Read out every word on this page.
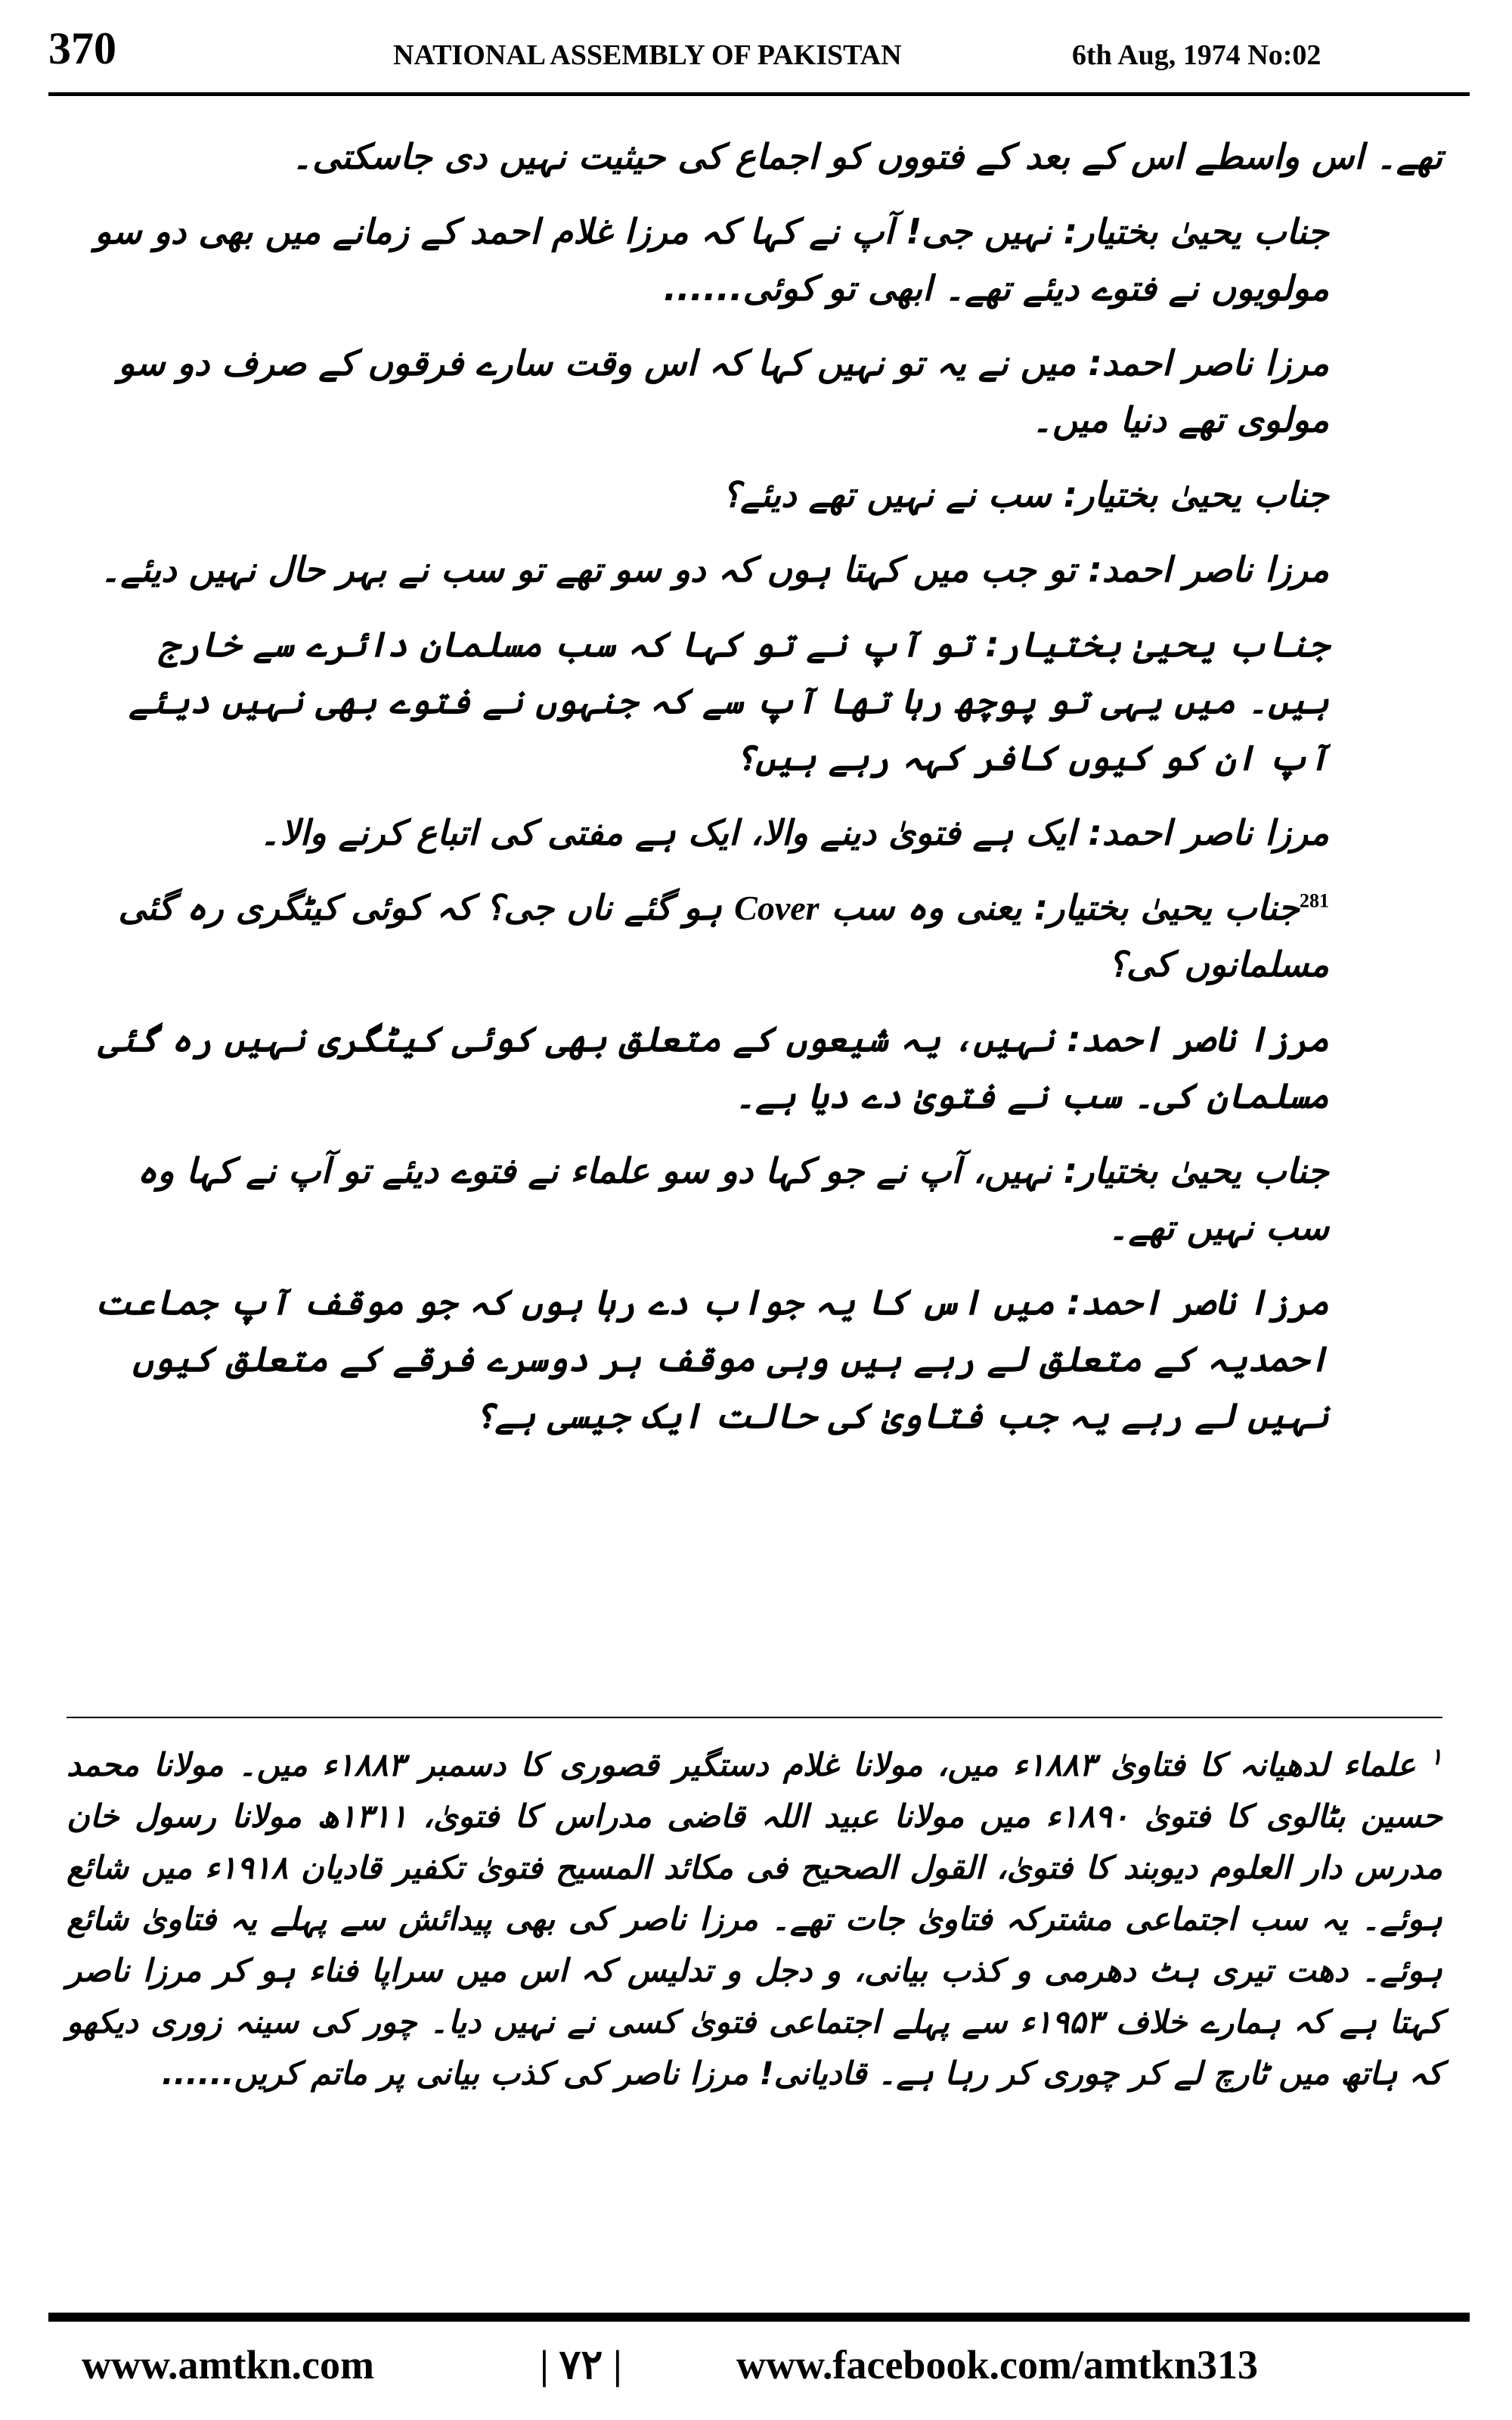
370	NATIONAL ASSEMBLY OF PAKISTAN	6th Aug, 1974 No:02

تھے۔ اس واسطے اس کے بعد کے فتووں کو اجماع کی حیثیت نہیں دی جاسکتی۔

جناب یحییٰ بختیار: نہیں جی! آپ نے کہا کہ مرزا غلام احمد کے زمانے میں بھی دو سو مولویوں نے فتوے دیئے تھے۔ ابھی تو کوئی......

مرزا ناصر احمد: میں نے یہ تو نہیں کہا کہ اس وقت سارے فرقوں کے صرف دو سو مولوی تھے دنیا میں۔

جناب یحییٰ بختیار: سب نے نہیں تھے دیئے؟

مرزا ناصر احمد: تو جب میں کہتا ہوں کہ دو سو تھے تو سب نے بہر حال نہیں دیئے۔

جناب یحییٰ بختیار: تو آپ نے تو کہا کہ سب مسلمان دائرے سے خارج ہیں۔ میں یہی تو پوچھ رہا تھا آپ سے کہ جنہوں نے فتوے بھی نہیں دیئے آپ ان کو کیوں کافر کہہ رہے ہیں؟

مرزا ناصر احمد: ایک ہے فتویٰ دینے والا، ایک ہے مفتی کی اتباع کرنے والا۔

$^{281}$جناب یحییٰ بختیار: یعنی وہ سب Cover ہو گئے ناں جی؟ کہ کوئی کیٹگری رہ گئی مسلمانوں کی؟

مرزا ناصر احمد: نہیں، یہ شیعوں کے متعلق بھی کوئی کیٹگری نہیں رہ گئی مسلمان کی۔ سب نے فتویٰ دے دیا ہے۔

جناب یحییٰ بختیار: نہیں، آپ نے جو کہا دو سو علماء نے فتوے دیئے تو آپ نے کہا وہ سب نہیں تھے۔

مرزا ناصر احمد: میں اس کا یہ جواب دے رہا ہوں کہ جو موقف آپ جماعت احمدیہ کے متعلق لے رہے ہیں وہی موقف ہر دوسرے فرقے کے متعلق کیوں نہیں لے رہے یہ جب فتاویٰ کی حالت ایک جیسی ہے؟

$^۱$ علماء لدھیانہ کا فتاویٰ ۱۸۸۳ء میں، مولانا غلام دستگیر قصوری کا دسمبر ۱۸۸۳ء میں۔ مولانا محمد حسین بٹالوی کا فتویٰ ۱۸۹۰ء میں مولانا عبید اللہ قاضی مدراس کا فتویٰ، ۱۳۱۱ھ مولانا رسول خان مدرس دار العلوم دیوبند کا فتویٰ، القول الصحیح فی مکائد المسیح فتویٰ تکفیر قادیان ۱۹۱۸ء میں شائع ہوئے۔ یہ سب اجتماعی مشترکہ فتاویٰ جات تھے۔ مرزا ناصر کی بھی پیدائش سے پہلے یہ فتاویٰ شائع ہوئے۔ دھت تیری ہٹ دھرمی و کذب بیانی، و دجل و تدلیس کہ اس میں سراپا فناء ہو کر مرزا ناصر کہتا ہے کہ ہمارے خلاف ۱۹۵۳ء سے پہلے اجتماعی فتویٰ کسی نے نہیں دیا۔ چور کی سینہ زوری دیکھو کہ ہاتھ میں ٹارچ لے کر چوری کر رہا ہے۔ قادیانی! مرزا ناصر کی کذب بیانی پر ماتم کریں......

www.amtkn.com	| ۷۲ |	www.facebook.com/amtkn313
